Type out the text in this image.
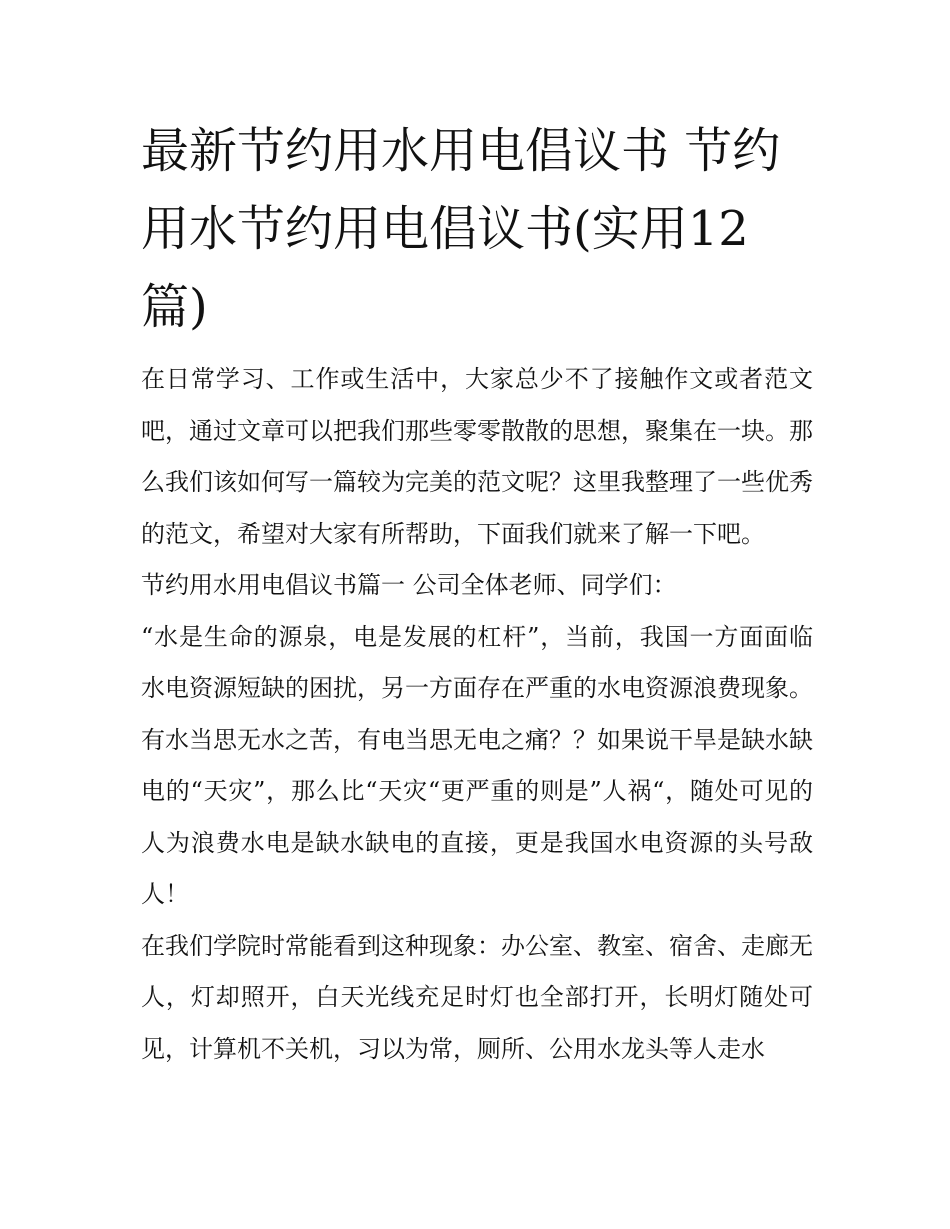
最新节约用水用电倡议书 节约用水节约用电倡议书(实用12篇)

在日常学习、工作或生活中，大家总少不了接触作文或者范文吧，通过文章可以把我们那些零零散散的思想，聚集在一块。那么我们该如何写一篇较为完美的范文呢？这里我整理了一些优秀的范文，希望对大家有所帮助，下面我们就来了解一下吧。

节约用水用电倡议书篇一 公司全体老师、同学们：

“水是生命的源泉，电是发展的杠杆”，当前，我国一方面面临水电资源短缺的困扰，另一方面存在严重的水电资源浪费现象。有水当思无水之苦，有电当思无电之痛？？如果说干旱是缺水缺电的“天灾”，那么比“天灾“更严重的则是”人祸“，随处可见的人为浪费水电是缺水缺电的直接，更是我国水电资源的头号敌人！

在我们学院时常能看到这种现象：办公室、教室、宿舍、走廊无人，灯却照开，白天光线充足时灯也全部打开，长明灯随处可见，计算机不关机，习以为常，厕所、公用水龙头等人走水
